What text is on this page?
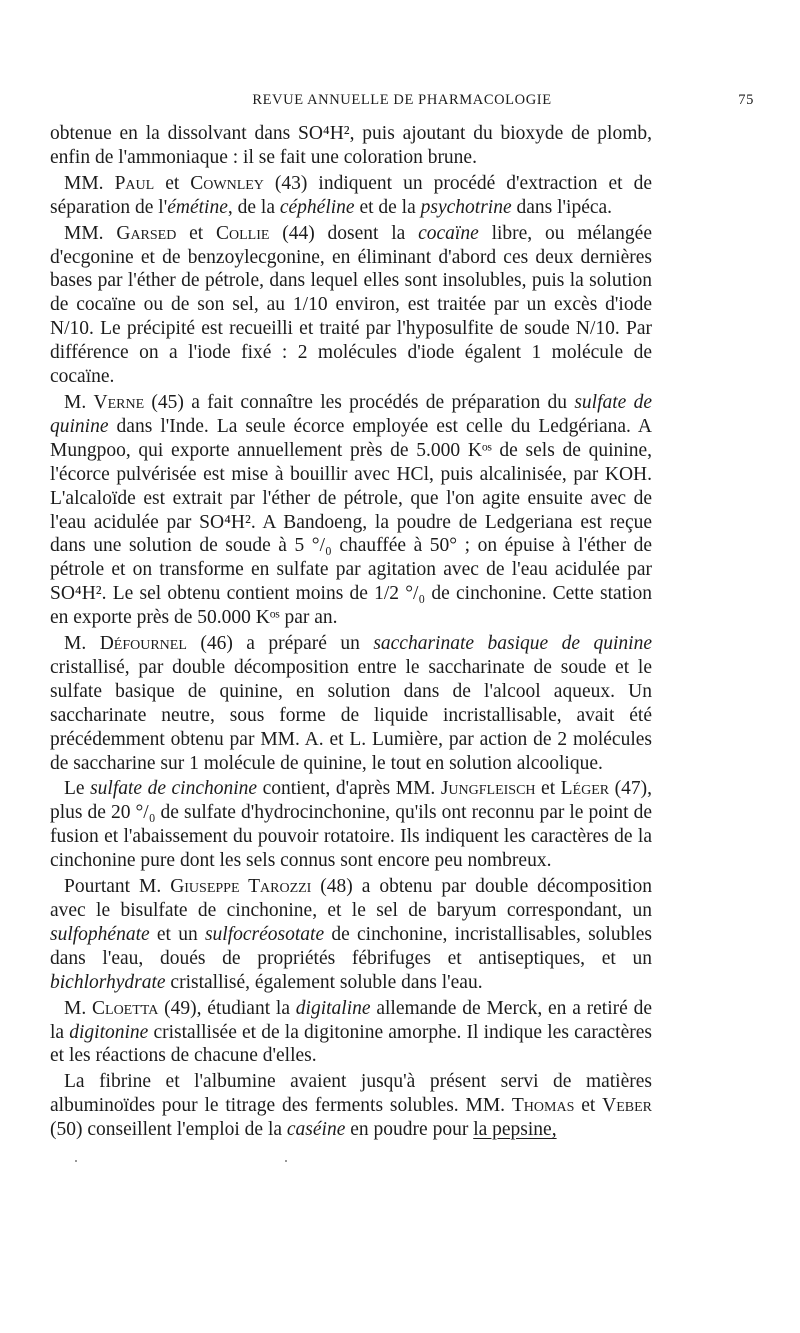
REVUE ANNUELLE DE PHARMACOLOGIE	75

obtenue en la dissolvant dans SO⁴H², puis ajoutant du bioxyde de plomb, enfin de l'ammoniaque : il se fait une coloration brune.

MM. Paul et Cownley (43) indiquent un procédé d'extraction et de séparation de l'émétine, de la céphéline et de la psychotrine dans l'ipéca.

MM. Garsed et Collie (44) dosent la cocaïne libre, ou mélangée d'ecgonine et de benzoylecgonine, en éliminant d'abord ces deux dernières bases par l'éther de pétrole, dans lequel elles sont insolubles, puis la solution de cocaïne ou de son sel, au 1/10 environ, est traitée par un excès d'iode N/10. Le précipité est recueilli et traité par l'hyposulfite de soude N/10. Par différence on a l'iode fixé : 2 molécules d'iode égalent 1 molécule de cocaïne.

M. Verne (45) a fait connaître les procédés de préparation du sulfate de quinine dans l'Inde. La seule écorce employée est celle du Ledgériana. A Mungpoo, qui exporte annuellement près de 5.000 Kᵒˢ de sels de quinine, l'écorce pulvérisée est mise à bouillir avec HCl, puis alcalinisée, par KOH. L'alcaloïde est extrait par l'éther de pétrole, que l'on agite ensuite avec de l'eau acidulée par SO⁴H². A Bandoeng, la poudre de Ledgeriana est reçue dans une solution de soude à 5 °/₀ chauffée à 50° ; on épuise à l'éther de pétrole et on transforme en sulfate par agitation avec de l'eau acidulée par SO⁴H². Le sel obtenu contient moins de 1/2 °/₀ de cinchonine. Cette station en exporte près de 50.000 Kᵒˢ par an.

M. Défournel (46) a préparé un saccharinate basique de quinine cristallisé, par double décomposition entre le saccharinate de soude et le sulfate basique de quinine, en solution dans de l'alcool aqueux. Un saccharinate neutre, sous forme de liquide incristallisable, avait été précédemment obtenu par MM. A. et L. Lumière, par action de 2 molécules de saccharine sur 1 molécule de quinine, le tout en solution alcoolique.

Le sulfate de cinchonine contient, d'après MM. Jungfleisch et Léger (47), plus de 20 °/₀ de sulfate d'hydrocinchonine, qu'ils ont reconnu par le point de fusion et l'abaissement du pouvoir rotatoire. Ils indiquent les caractères de la cinchonine pure dont les sels connus sont encore peu nombreux.

Pourtant M. Giuseppe Tarozzi (48) a obtenu par double décomposition avec le bisulfate de cinchonine, et le sel de baryum correspondant, un sulfophénate et un sulfocréosotate de cinchonine, incristallisables, solubles dans l'eau, doués de propriétés fébrifuges et antiseptiques, et un bichlorhydrate cristallisé, également soluble dans l'eau.

M. Cloetta (49), étudiant la digitaline allemande de Merck, en a retiré de la digitonine cristallisée et de la digitonine amorphe. Il indique les caractères et les réactions de chacune d'elles.

La fibrine et l'albumine avaient jusqu'à présent servi de matières albuminoïdes pour le titrage des ferments solubles. MM. Thomas et Veber (50) conseillent l'emploi de la caséine en poudre pour la pepsine,
